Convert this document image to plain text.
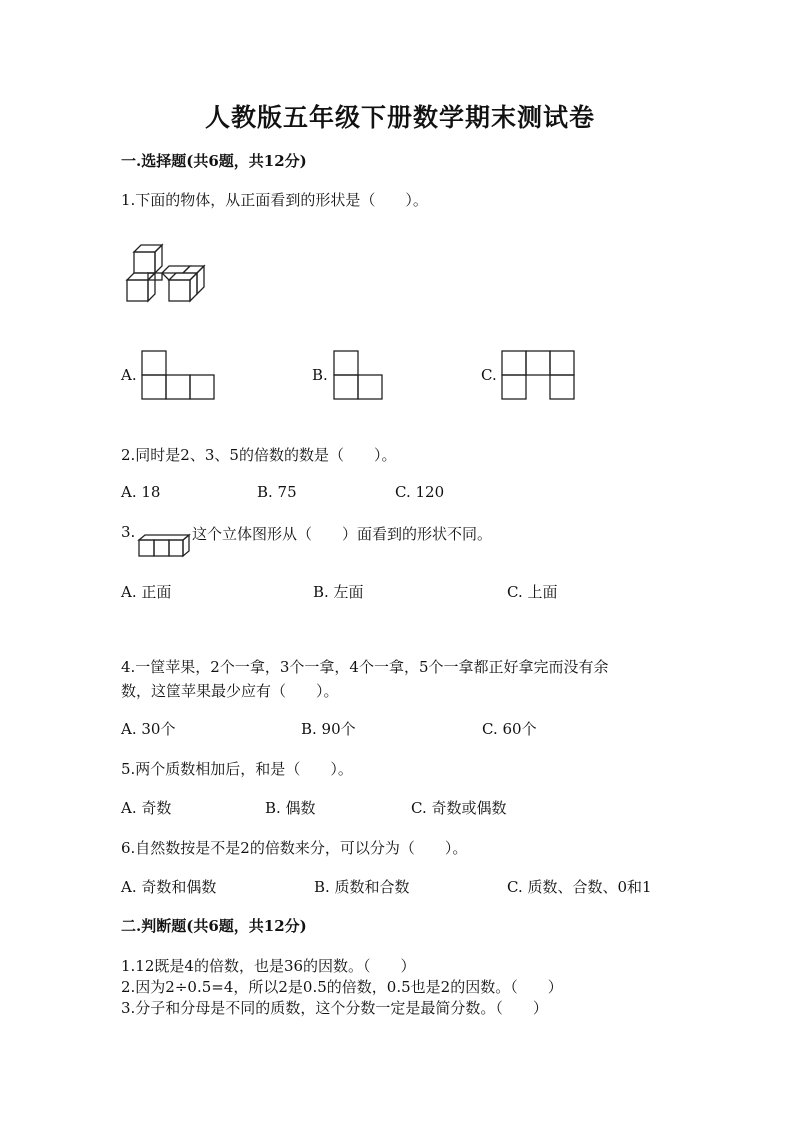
人教版五年级下册数学期末测试卷
一.选择题(共6题，共12分)
1.下面的物体，从正面看到的形状是（　　）。
A.	B.	C.
2.同时是2、3、5的倍数的数是（　　）。
A. 18	B. 75	C. 120
3.	这个立体图形从（　　）面看到的形状不同。
A. 正面	B. 左面	C. 上面
4.一筐苹果，2个一拿，3个一拿，4个一拿，5个一拿都正好拿完而没有余
数，这筐苹果最少应有（　　）。
A. 30个	B. 90个	C. 60个
5.两个质数相加后，和是（　　）。
A. 奇数	B. 偶数	C. 奇数或偶数
6.自然数按是不是2的倍数来分，可以分为（　　）。
A. 奇数和偶数	B. 质数和合数	C. 质数、合数、0和1
二.判断题(共6题，共12分)
1.12既是4的倍数，也是36的因数。（　　）
2.因为2÷0.5=4，所以2是0.5的倍数，0.5也是2的因数。（　　）
3.分子和分母是不同的质数，这个分数一定是最简分数。（　　）
